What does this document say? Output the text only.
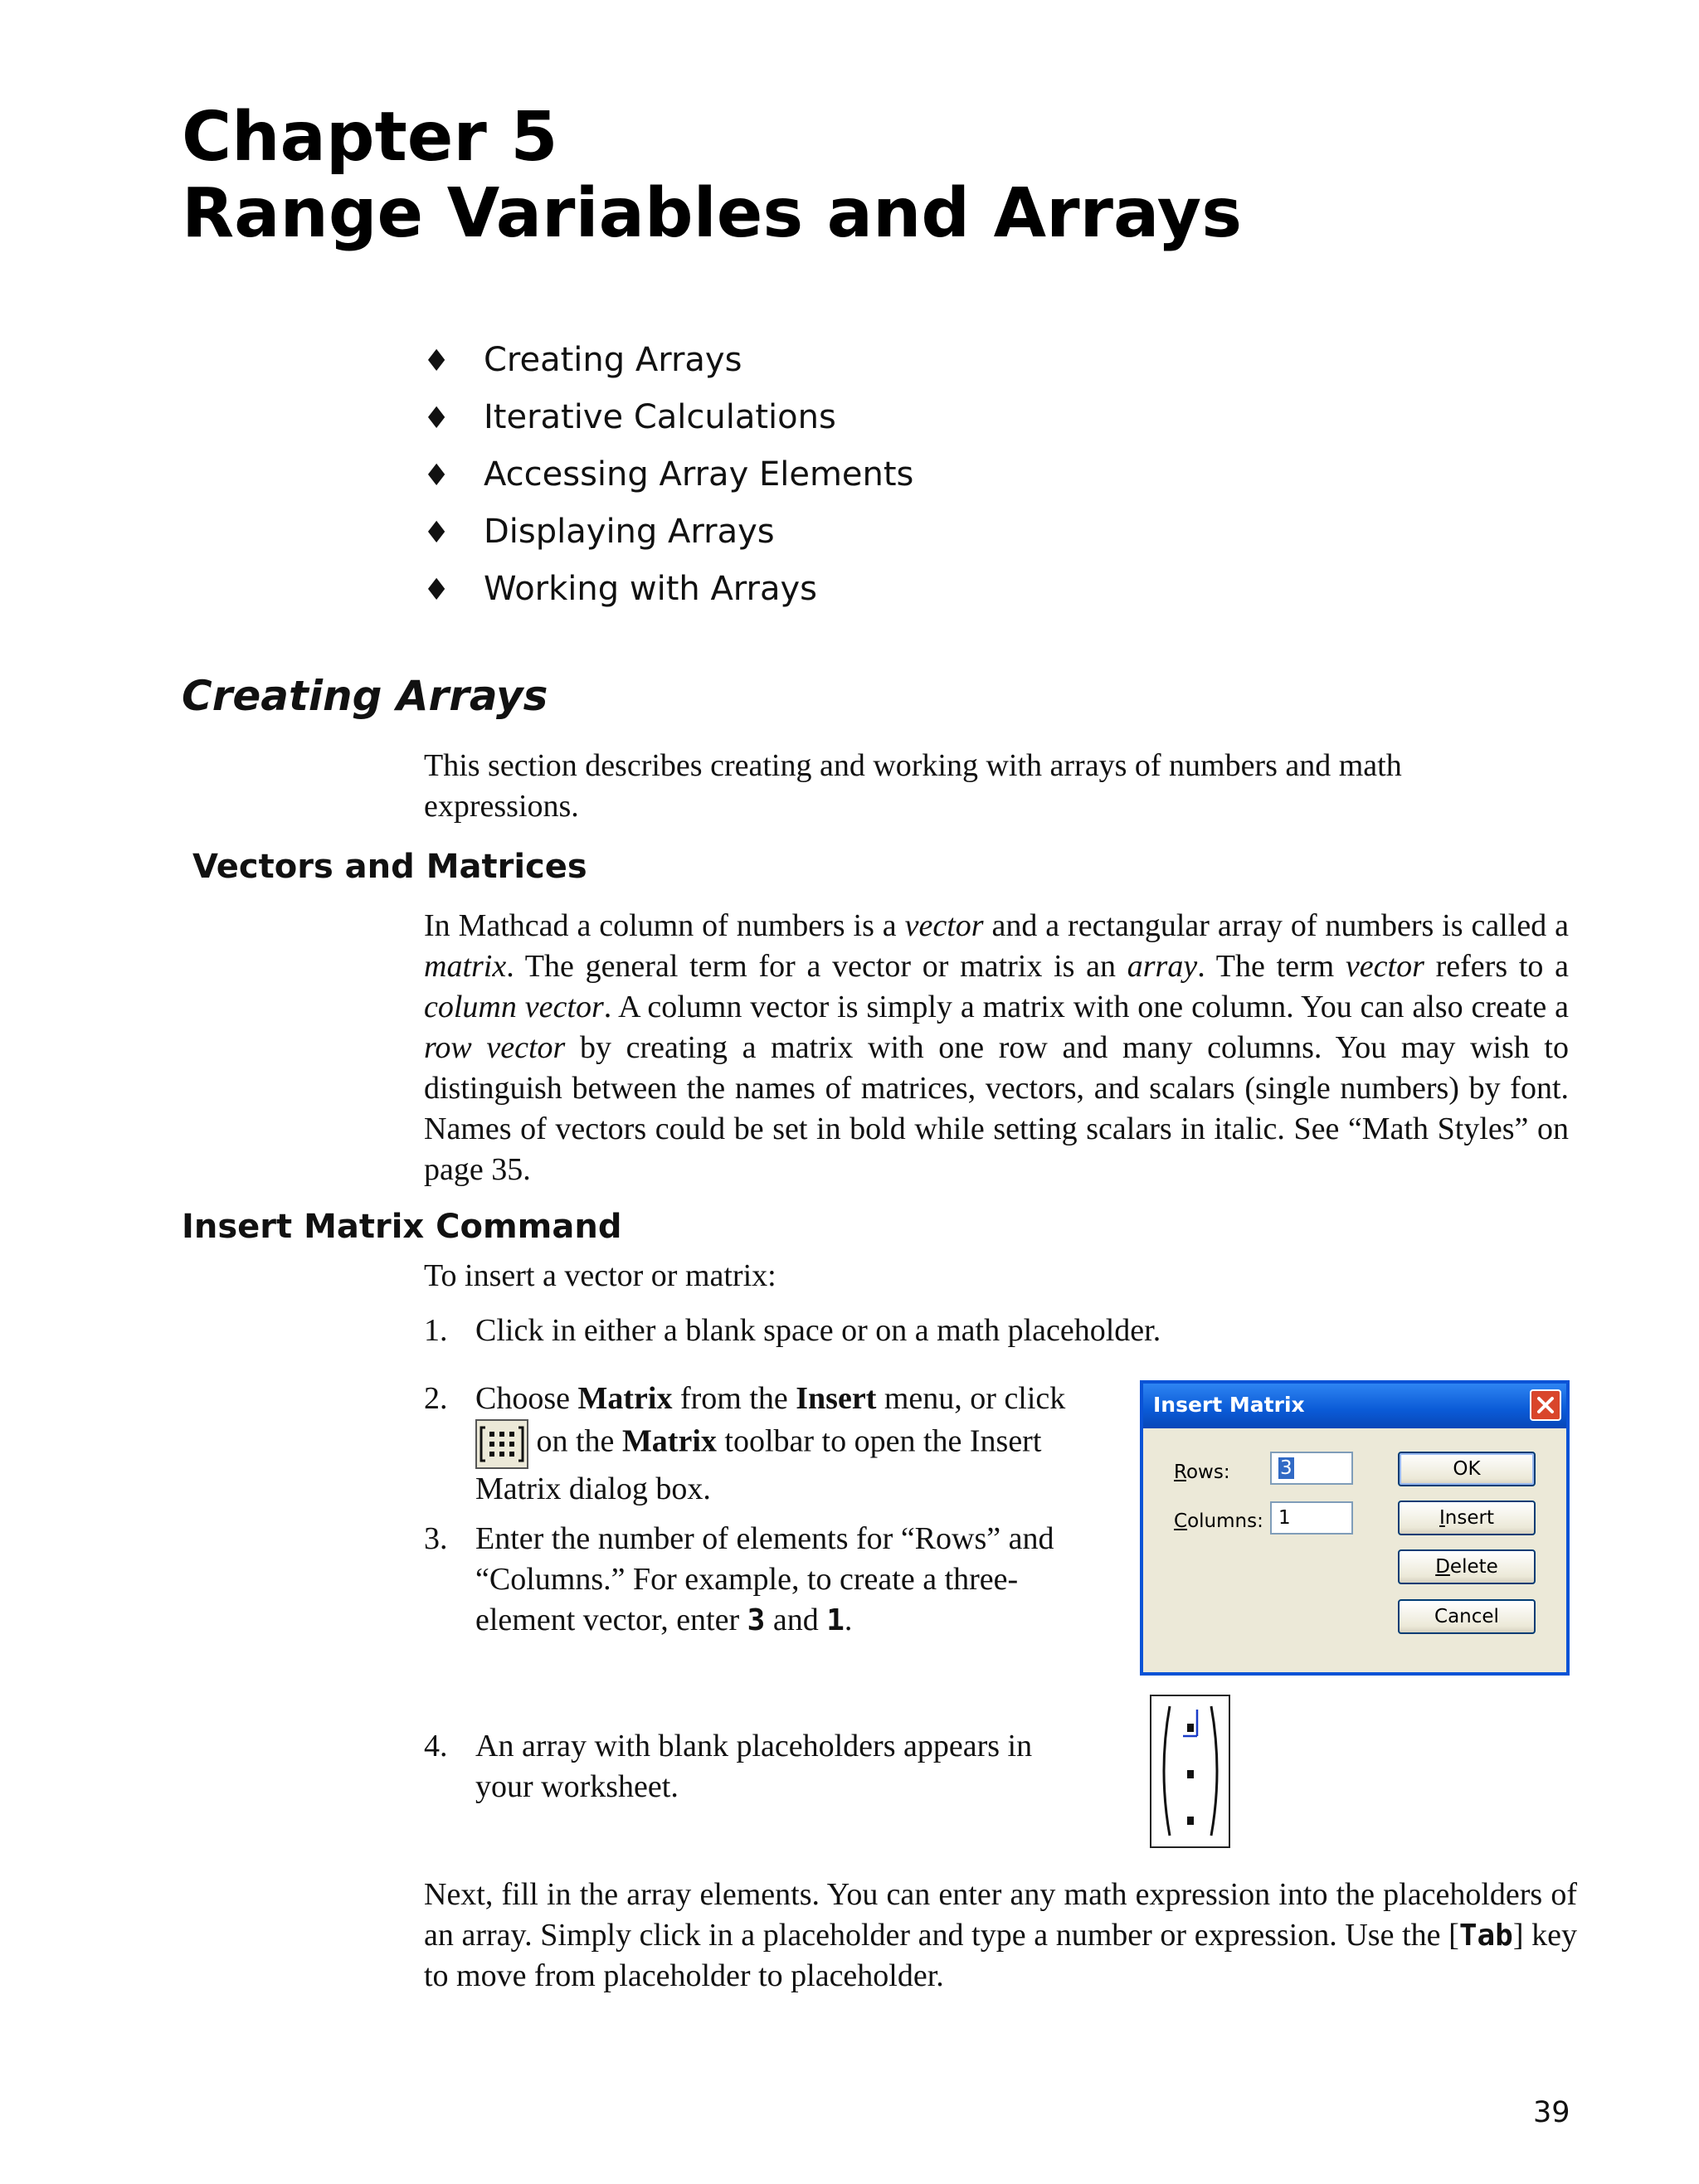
Chapter 5
Range Variables and Arrays
♦ Creating Arrays
♦ Iterative Calculations
♦ Accessing Array Elements
♦ Displaying Arrays
♦ Working with Arrays
Creating Arrays

This section describes creating and working with arrays of numbers and math expressions.

Vectors and Matrices

In Mathcad a column of numbers is a vector and a rectangular array of numbers is called a matrix. The general term for a vector or matrix is an array. The term vector refers to a column vector. A column vector is simply a matrix with one column. You can also create a row vector by creating a matrix with one row and many columns. You may wish to distinguish between the names of matrices, vectors, and scalars (single numbers) by font. Names of vectors could be set in bold while setting scalars in italic. See “Math Styles” on page 35.

Insert Matrix Command

To insert a vector or matrix:

1. Click in either a blank space or on a math placeholder.
2. Choose Matrix from the Insert menu, or click
on the Matrix toolbar to open the Insert Matrix dialog box.
3. Enter the number of elements for “Rows” and “Columns.” For example, to create a three-element vector, enter 3 and 1.
Insert Matrix
Rows:	3
Columns: 1
OK
Insert
Delete
Cancel
4. An array with blank placeholders appears in your worksheet.

Next, fill in the array elements. You can enter any math expression into the placeholders of an array. Simply click in a placeholder and type a number or expression. Use the [Tab] key to move from placeholder to placeholder.

39
